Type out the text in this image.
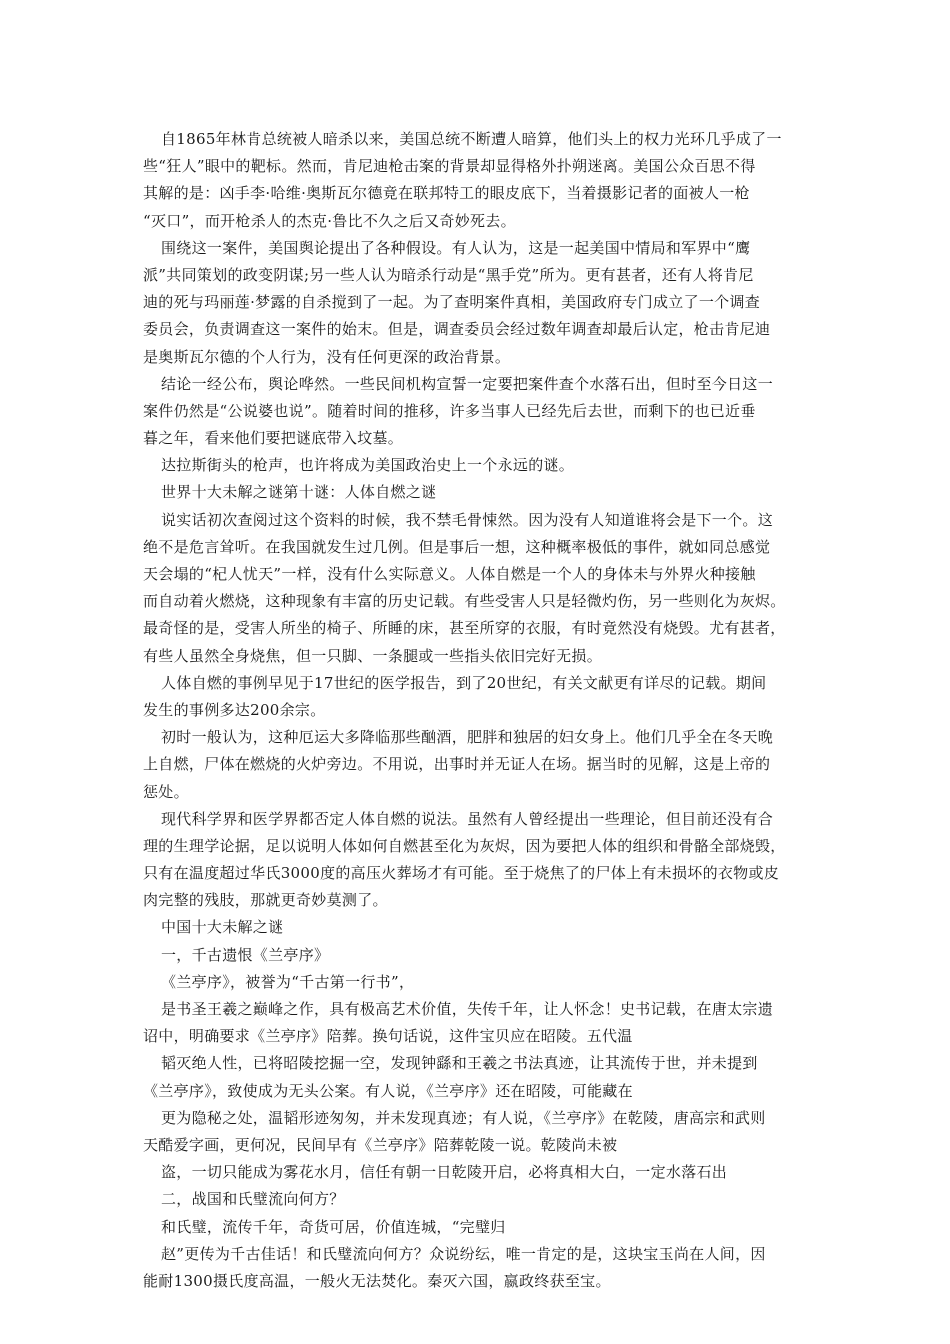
自1865年林肯总统被人暗杀以来，美国总统不断遭人暗算，他们头上的权力光环几乎成了一
些“狂人”眼中的靶标。然而，肯尼迪枪击案的背景却显得格外扑朔迷离。美国公众百思不得
其解的是：凶手李·哈维·奥斯瓦尔德竟在联邦特工的眼皮底下，当着摄影记者的面被人一枪
“灭口”，而开枪杀人的杰克·鲁比不久之后又奇妙死去。
围绕这一案件，美国舆论提出了各种假设。有人认为，这是一起美国中情局和军界中“鹰
派”共同策划的政变阴谋;另一些人认为暗杀行动是“黑手党”所为。更有甚者，还有人将肯尼
迪的死与玛丽莲·梦露的自杀搅到了一起。为了查明案件真相，美国政府专门成立了一个调查
委员会，负责调查这一案件的始末。但是，调查委员会经过数年调查却最后认定，枪击肯尼迪
是奥斯瓦尔德的个人行为，没有任何更深的政治背景。
结论一经公布，舆论哗然。一些民间机构宣誓一定要把案件查个水落石出，但时至今日这一
案件仍然是“公说婆也说”。随着时间的推移，许多当事人已经先后去世，而剩下的也已近垂
暮之年，看来他们要把谜底带入坟墓。
达拉斯街头的枪声，也许将成为美国政治史上一个永远的谜。
世界十大未解之谜第十谜：人体自燃之谜
说实话初次查阅过这个资料的时候，我不禁毛骨悚然。因为没有人知道谁将会是下一个。这
绝不是危言耸听。在我国就发生过几例。但是事后一想，这种概率极低的事件，就如同总感觉
天会塌的“杞人忧天”一样，没有什么实际意义。人体自燃是一个人的身体未与外界火种接触
而自动着火燃烧，这种现象有丰富的历史记载。有些受害人只是轻微灼伤，另一些则化为灰烬。
最奇怪的是，受害人所坐的椅子、所睡的床，甚至所穿的衣服，有时竟然没有烧毁。尤有甚者，
有些人虽然全身烧焦，但一只脚、一条腿或一些指头依旧完好无损。
人体自燃的事例早见于17世纪的医学报告，到了20世纪，有关文献更有详尽的记载。期间
发生的事例多达200余宗。
初时一般认为，这种厄运大多降临那些酗酒，肥胖和独居的妇女身上。他们几乎全在冬天晚
上自燃，尸体在燃烧的火炉旁边。不用说，出事时并无证人在场。据当时的见解，这是上帝的
惩处。
现代科学界和医学界都否定人体自燃的说法。虽然有人曾经提出一些理论，但目前还没有合
理的生理学论据，足以说明人体如何自燃甚至化为灰烬，因为要把人体的组织和骨骼全部烧毁，
只有在温度超过华氏3000度的高压火葬场才有可能。至于烧焦了的尸体上有未损坏的衣物或皮
肉完整的残肢，那就更奇妙莫测了。
中国十大未解之谜
一，千古遗恨《兰亭序》
《兰亭序》，被誉为“千古第一行书”，
是书圣王羲之巅峰之作，具有极高艺术价值，失传千年，让人怀念！史书记载，在唐太宗遗
诏中，明确要求《兰亭序》陪葬。换句话说，这件宝贝应在昭陵。五代温
韬灭绝人性，已将昭陵挖掘一空，发现钟繇和王羲之书法真迹，让其流传于世，并未提到
《兰亭序》，致使成为无头公案。有人说，《兰亭序》还在昭陵，可能藏在
更为隐秘之处，温韬形迹匆匆，并未发现真迹；有人说，《兰亭序》在乾陵，唐高宗和武则
天酷爱字画，更何况，民间早有《兰亭序》陪葬乾陵一说。乾陵尚未被
盗，一切只能成为雾花水月，信任有朝一日乾陵开启，必将真相大白，一定水落石出
二，战国和氏璧流向何方？
和氏璧，流传千年，奇货可居，价值连城，“完璧归
赵”更传为千古佳话！和氏璧流向何方？众说纷纭，唯一肯定的是，这块宝玉尚在人间，因
能耐1300摄氏度高温，一般火无法焚化。秦灭六国，嬴政终获至宝。
